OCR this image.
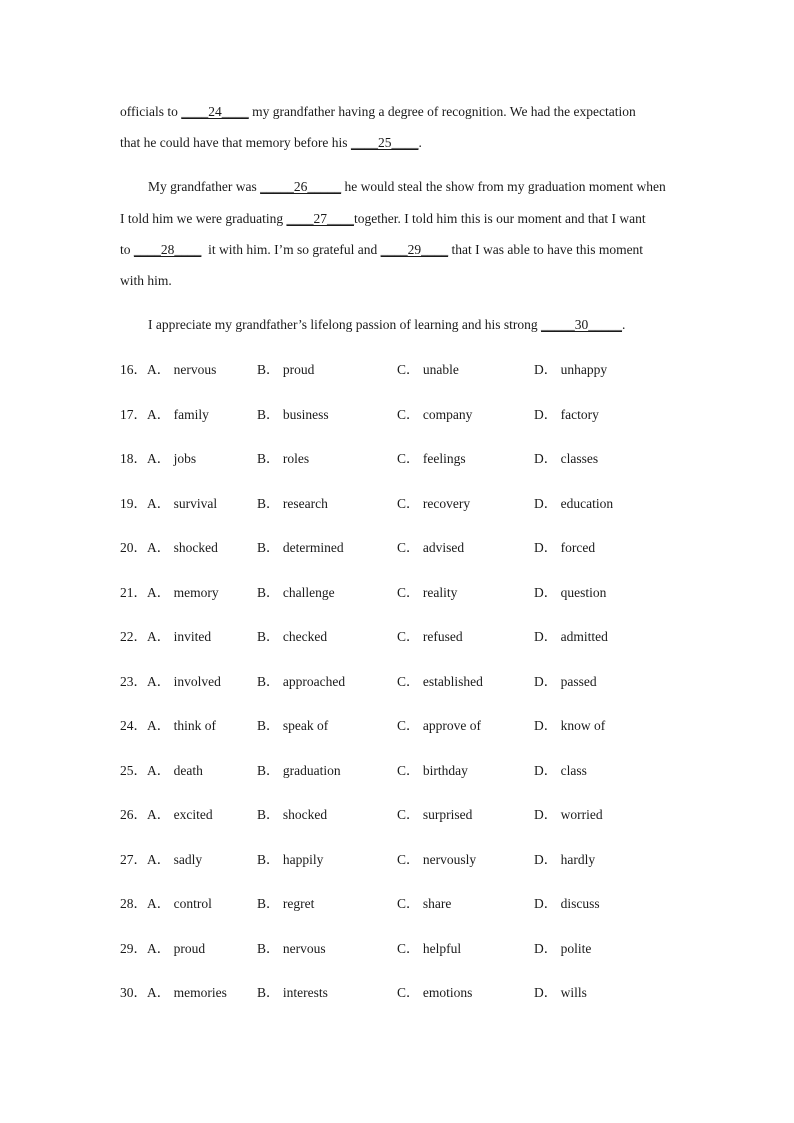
officials to ____24____ my grandfather having a degree of recognition. We had the expectation
that he could have that memory before his ____25____.
My grandfather was _____26_____ he would steal the show from my graduation moment when
I told him we were graduating ____27____together. I told him this is our moment and that I want
to ____28____  it with him. I’m so grateful and ____29____ that I was able to have this moment
with him.
I appreciate my grandfather’s lifelong passion of learning and his strong _____30_____.
16．A． nervous	B． proud	C． unable	D． unhappy
17．A． family	B． business	C． company	D． factory
18．A． jobs	B． roles	C． feelings	D． classes
19．A． survival	B． research	C． recovery	D． education
20．A． shocked	B． determined	C． advised	D． forced
21．A． memory	B． challenge	C． reality	D． question
22．A． invited	B． checked	C． refused	D． admitted
23．A． involved	B． approached	C． established	D． passed
24．A． think of	B． speak of	C． approve of	D． know of
25．A． death	B． graduation	C． birthday	D． class
26．A． excited	B． shocked	C． surprised	D． worried
27．A． sadly	B． happily	C． nervously	D． hardly
28．A． control	B． regret	C． share	D． discuss
29．A． proud	B． nervous	C． helpful	D． polite
30．A． memories B． interests	C． emotions	D． wills
